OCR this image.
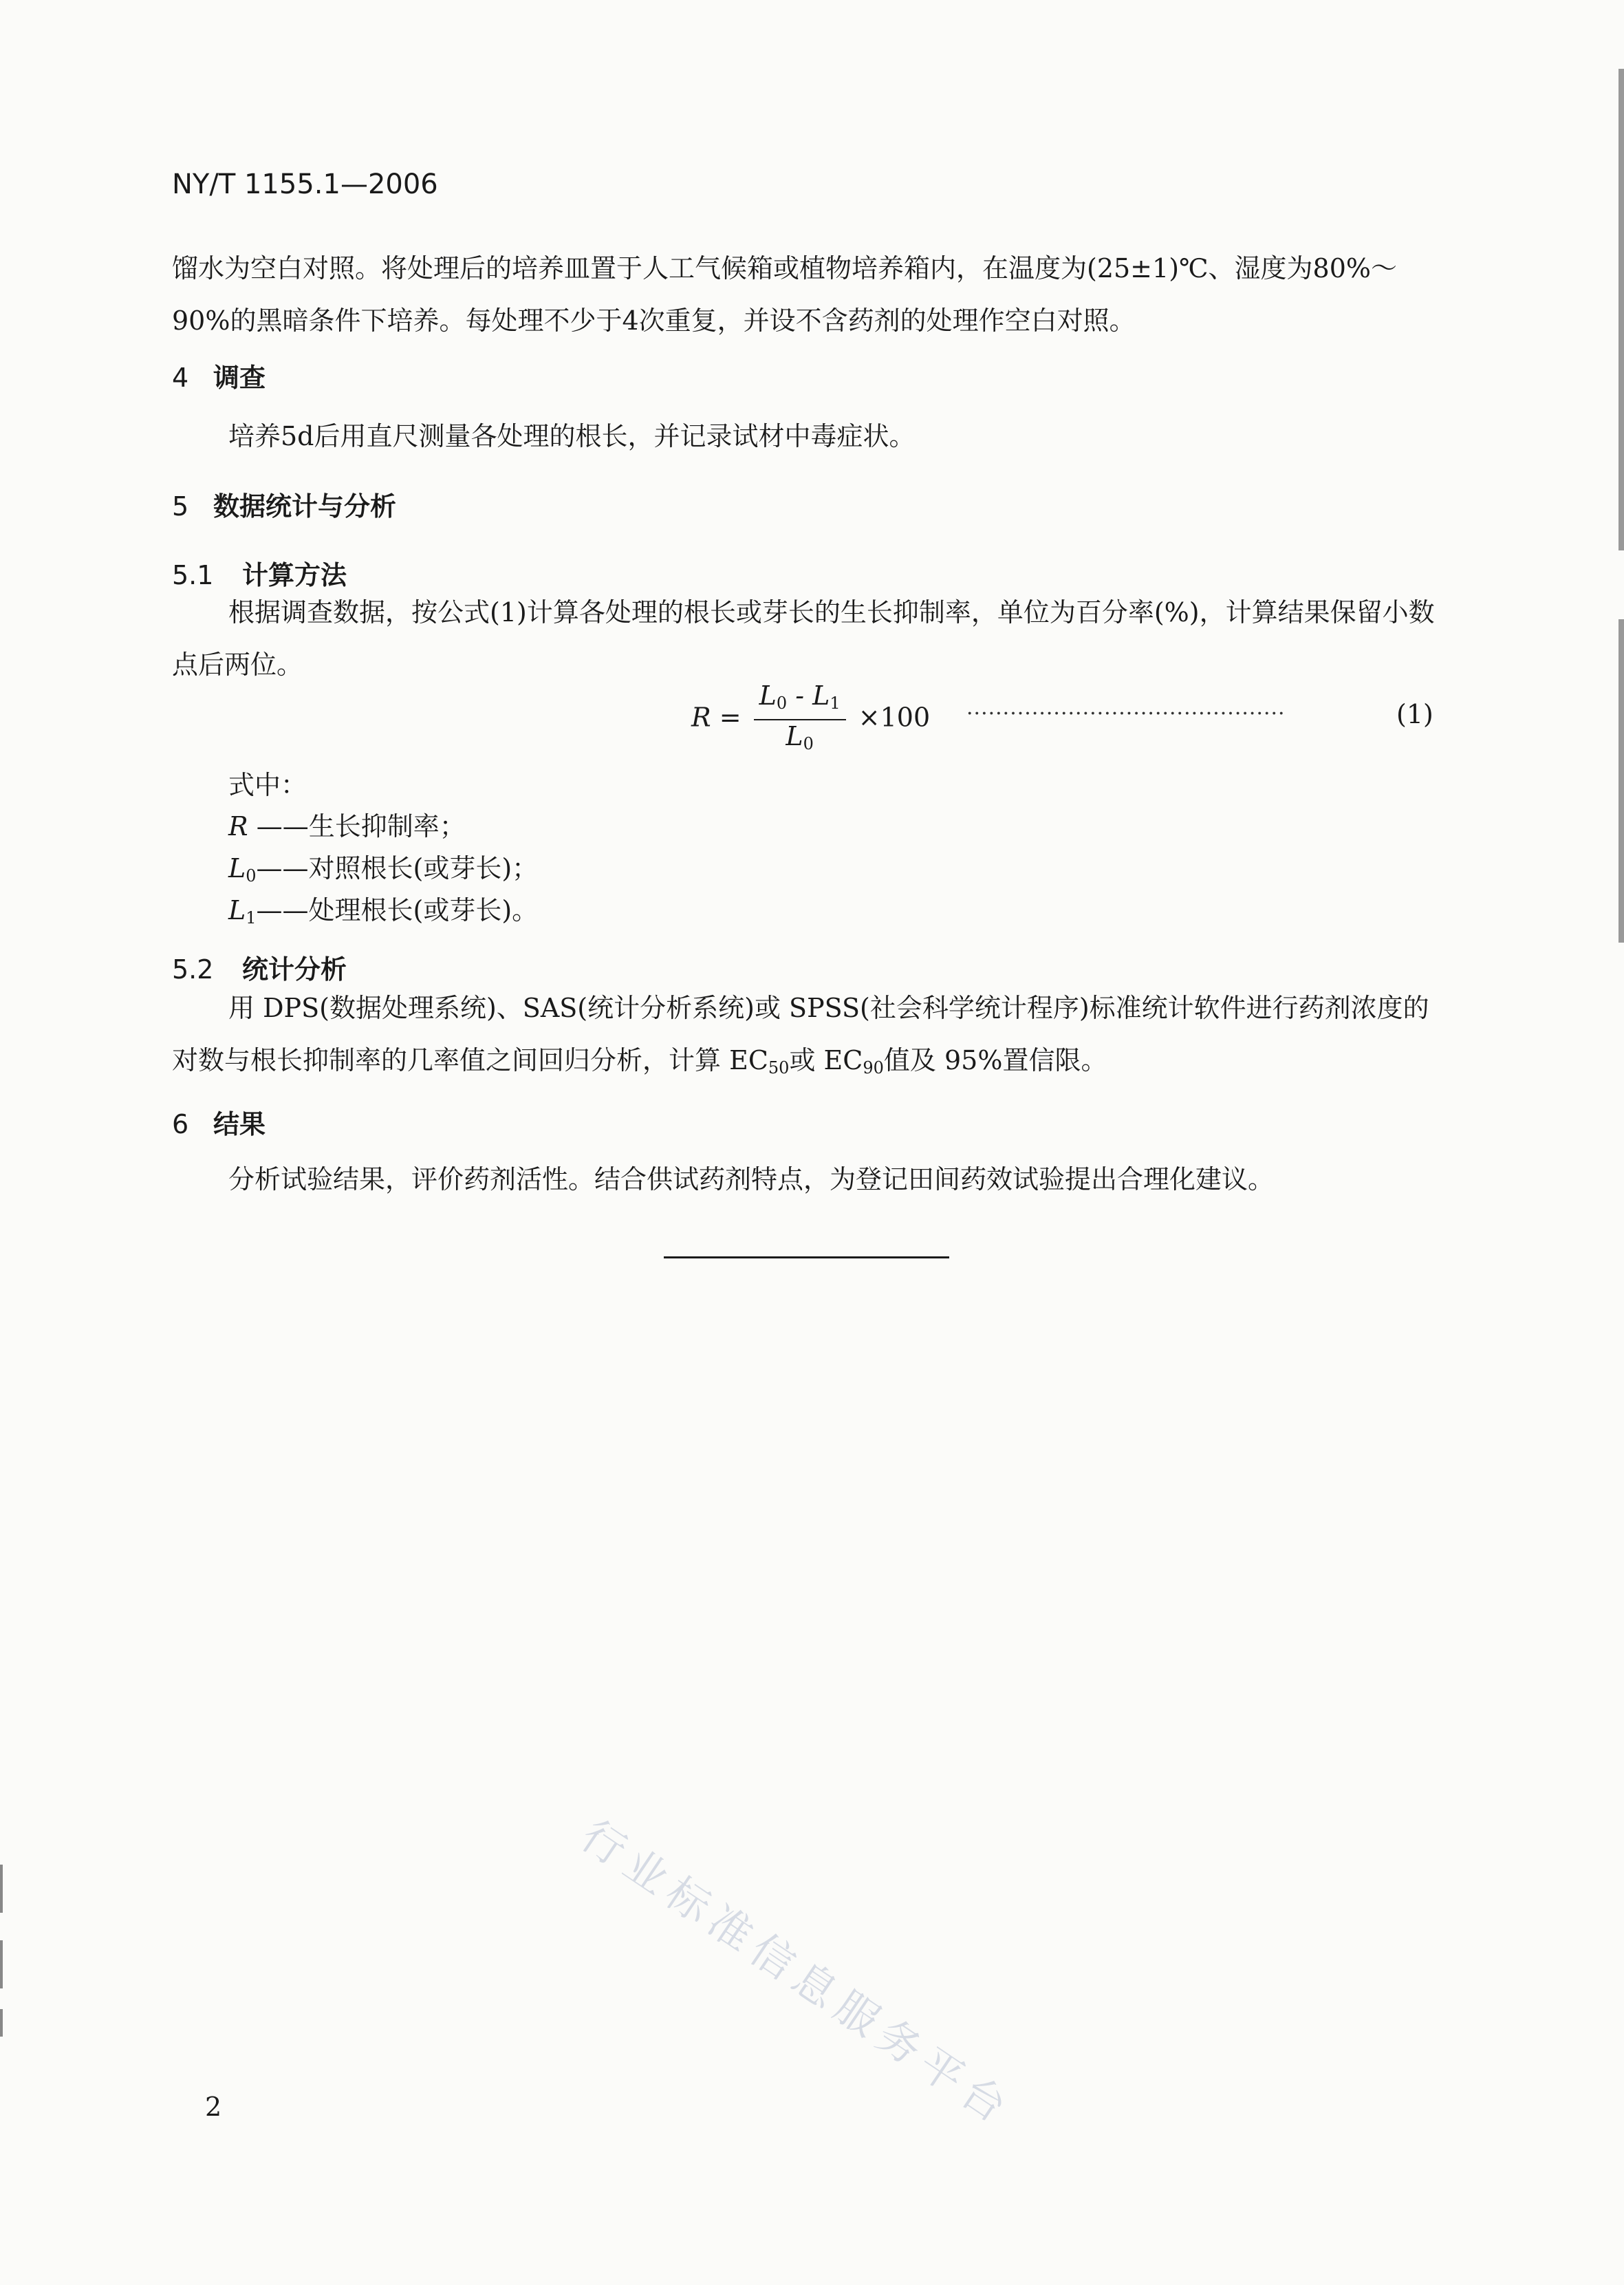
NY/T 1155.1—2006
馏水为空白对照。将处理后的培养皿置于人工气候箱或植物培养箱内，在温度为(25±1)℃、湿度为80%～90%的黑暗条件下培养。每处理不少于4次重复，并设不含药剂的处理作空白对照。
4 调查
培养5d后用直尺测量各处理的根长，并记录试材中毒症状。
5 数据统计与分析
5.1 计算方法
根据调查数据，按公式(1)计算各处理的根长或芽长的生长抑制率，单位为百分率(%)，计算结果保留小数点后两位。
$R = \frac{L_0 - L_1}{L_0} \times 100$ ············································	(1)
式中：
R ——生长抑制率；
$L_0——$对照根长(或芽长)；
$L_1——$处理根长(或芽长)。
5.2 统计分析
用 DPS(数据处理系统)、SAS(统计分析系统)或 SPSS(社会科学统计程序)标准统计软件进行药剂浓度的对数与根长抑制率的几率值之间回归分析，计算 $EC_{50}$或 $EC_{90}$值及 95%置信限。
6 结果
分析试验结果，评价药剂活性。结合供试药剂特点，为登记田间药效试验提出合理化建议。
行业标准信息服务平台
2
